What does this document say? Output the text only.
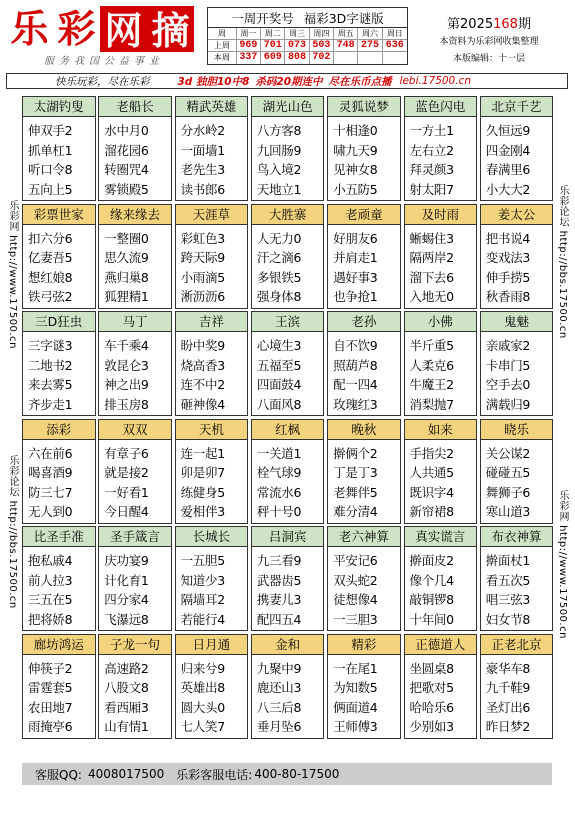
乐 彩 网 摘
服务我国公益事业
一周开奖号 福彩3D字谜版
周	周一	周二	周三	周四	周五	周六	周日
上周 969 701 073 503 748 275 636
本周 337 609 808 702
第2025168期
本资料为乐彩网收集整理
本版编辑：十一层
快乐玩彩，尽在乐彩	3d 独胆10中8 杀码20期连中 尽在乐币点播 lebi.17500.cn
乐彩网 http://www.17500.cn
乐彩论坛 http://bbs.17500.cn
乐彩论坛 http://bbs.17500.cn
乐彩网 http://www.17500.cn
太湖钓叟
伸双手2
抓单杠1
听口令8
五向上5
老船长
水中月0
溜花园6
转圈咒4
雾锁殿5
精武英雄
分水岭2
一面墙1
老先生3
读书郎6
湖光山色
八方客8
九回肠9
鸟入境2
天地立1
灵狐说梦
十相逢0
啸九天9
见神女8
小五防5
蓝色闪电
一方土1
左右立2
拜灵颜3
射太阳7
北京千艺
久恒远9
四金刚4
春满里6
小大大2
彩票世家
扣六分6
亿妻吾5
想红娘8
铁弓弦2
缘来缘去
一整圈0
思久流9
燕归巢8
狐狸精1
天涯草
彩虹色3
跨天际9
小雨滴5
淅沥沥6
大胜寨
人无力0
汗之滴6
多银铁5
强身体8
老顽童
好朋友6
并肩走1
遇好事3
也争抢1
及时雨
蜥蜴住3
隔两岸2
溜下去6
入地无0
姜太公
把书说4
变戏法3
伸手捞5
秋香雨8
三D狂虫
三字谜3
二地书2
来去雾5
齐步走1
马丁
车千乘4
敦昆仑3
神之出9
排玉房8
吉祥
盼中奖9
烧高香3
连不中2
砸神像4
王滨
心境生3
五福至5
四面鼓4
八面风8
老孙
自不饮9
照葫芦8
配一四4
玫瑰红3
小佛
半斤重5
人柔克6
牛魔王2
消梨抛7
鬼魅
亲戚家2
卡串门5
空手去0
满载归9
添彩
六在前6
喝喜酒9
防三七7
无人到0
双双
有章子6
就是接2
一好看1
今日醒4
天机
连一起1
卯是卯7
练健身5
爱相伴3
红枫
一关道1
栓气球9
常流水6
秤十号0
晚秋
擀俩个2
丁是丁3
老舞伴5
难分清4
如来
手指尖2
人共通5
既识字4
新帘裙8
晓乐
关公谋2
碰碰五5
舞狮子6
寒山道3
比圣手准
抱私戚4
前人拉3
三五在5
把将娇8
圣手箴言
庆功宴9
计化育1
四分家4
飞瀑远8
长城长
一五胆5
知道少3
隔墙耳2
若能行4
吕洞宾
九三看9
武器齿5
携妻儿3
配四五4
老六神算
平安记6
双头蛇2
徒想像4
一三胆3
真实谎言
擀面皮2
像个几4
敲铜锣8
十年间0
布衣神算
擀面杖1
看五次5
唱三弦3
妇女节8
廊坊鸿运
伸筷子2
雷霆套5
农田地7
雨掩亭6
子龙一句
高速路2
八股文8
看西厢3
山有情1
日月通
归来兮9
英雄出8
圆大头0
七人笑7
金和
九聚中9
鹿还山3
八三后8
垂月坠6
精彩
一在尾1
为知数5
俩面道4
王师傅3
正德道人
坐圆桌8
把歌对5
哈哈乐6
少别如3
正老北京
豪华车8
九千鞋9
圣灯出6
昨日梦2
客服QQ: 4008017500 乐彩客服电话: 400-80-17500
